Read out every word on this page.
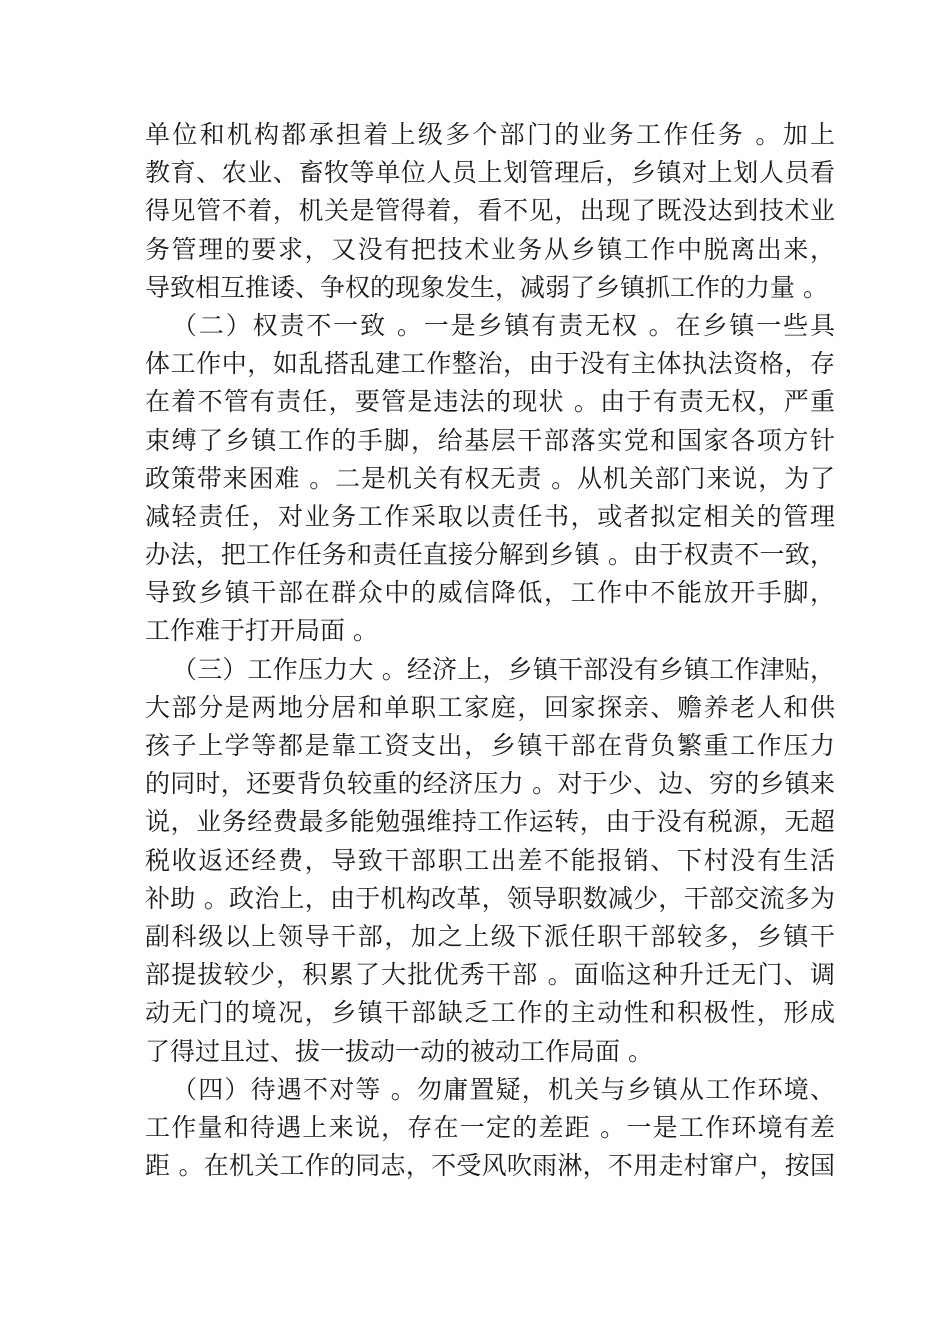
单位和机构都承担着上级多个部门的业务工作任务 。加上
教育、农业、畜牧等单位人员上划管理后，乡镇对上划人员看
得见管不着，机关是管得着，看不见，出现了既没达到技术业
务管理的要求，又没有把技术业务从乡镇工作中脱离出来，
导致相互推诿、争权的现象发生，减弱了乡镇抓工作的力量 。
（二）权责不一致 。一是乡镇有责无权 。在乡镇一些具
体工作中，如乱搭乱建工作整治，由于没有主体执法资格，存
在着不管有责任，要管是违法的现状 。由于有责无权，严重
束缚了乡镇工作的手脚，给基层干部落实党和国家各项方针
政策带来困难 。二是机关有权无责 。从机关部门来说，为了
减轻责任，对业务工作采取以责任书，或者拟定相关的管理
办法，把工作任务和责任直接分解到乡镇 。由于权责不一致，
导致乡镇干部在群众中的威信降低，工作中不能放开手脚，
工作难于打开局面 。
（三）工作压力大 。经济上，乡镇干部没有乡镇工作津贴，
大部分是两地分居和单职工家庭，回家探亲、赡养老人和供
孩子上学等都是靠工资支出，乡镇干部在背负繁重工作压力
的同时，还要背负较重的经济压力 。对于少、边、穷的乡镇来
说，业务经费最多能勉强维持工作运转，由于没有税源，无超
税收返还经费，导致干部职工出差不能报销、下村没有生活
补助 。政治上，由于机构改革，领导职数减少，干部交流多为
副科级以上领导干部，加之上级下派任职干部较多，乡镇干
部提拔较少，积累了大批优秀干部 。面临这种升迁无门、调
动无门的境况，乡镇干部缺乏工作的主动性和积极性，形成
了得过且过、拔一拔动一动的被动工作局面 。
（四）待遇不对等 。勿庸置疑，机关与乡镇从工作环境、
工作量和待遇上来说，存在一定的差距 。一是工作环境有差
距 。在机关工作的同志，不受风吹雨淋，不用走村窜户，按国
